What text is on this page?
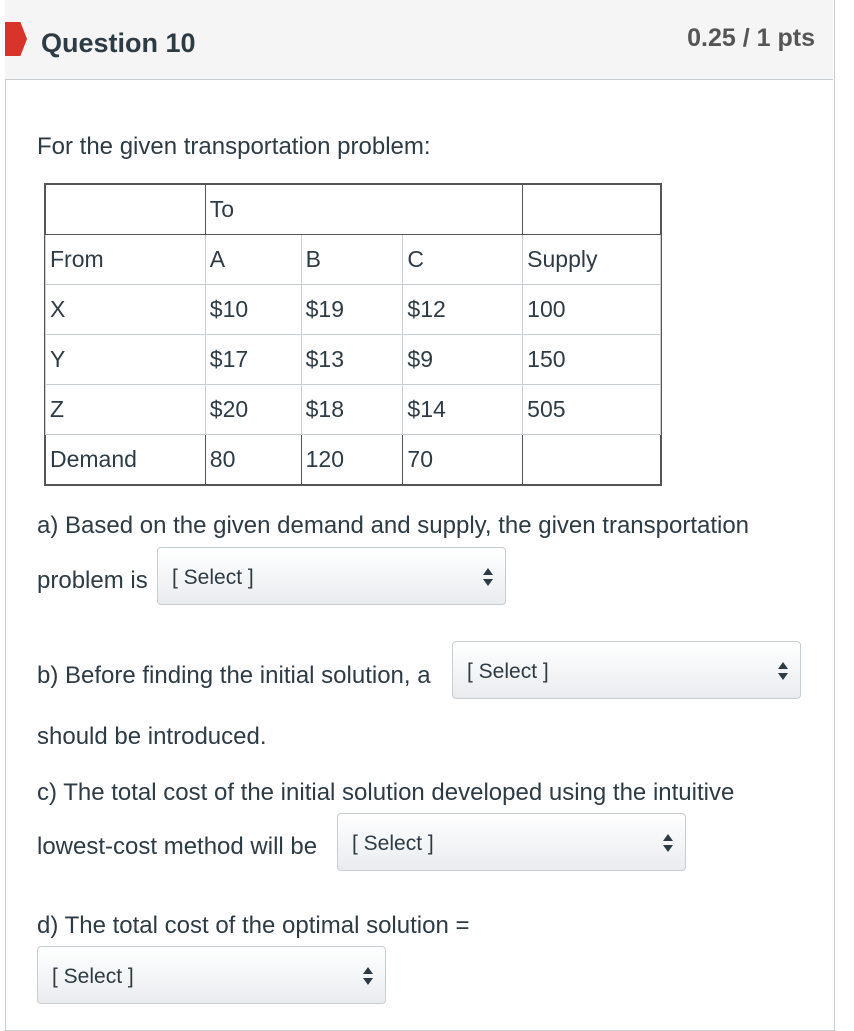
Question 10	0.25 / 1 pts
For the given transportation problem:
	To			
From	A	B	C	Supply
X	$10	$19	$12	100
Y	$17	$13	$9	150
Z	$20	$18	$14	505
Demand	80	120	70	
a) Based on the given demand and supply, the given transportation
problem is [ Select ]
b) Before finding the initial solution, a [ Select ]
should be introduced.
c) The total cost of the initial solution developed using the intuitive
lowest-cost method will be [ Select ]
d) The total cost of the optimal solution =
[ Select ]
